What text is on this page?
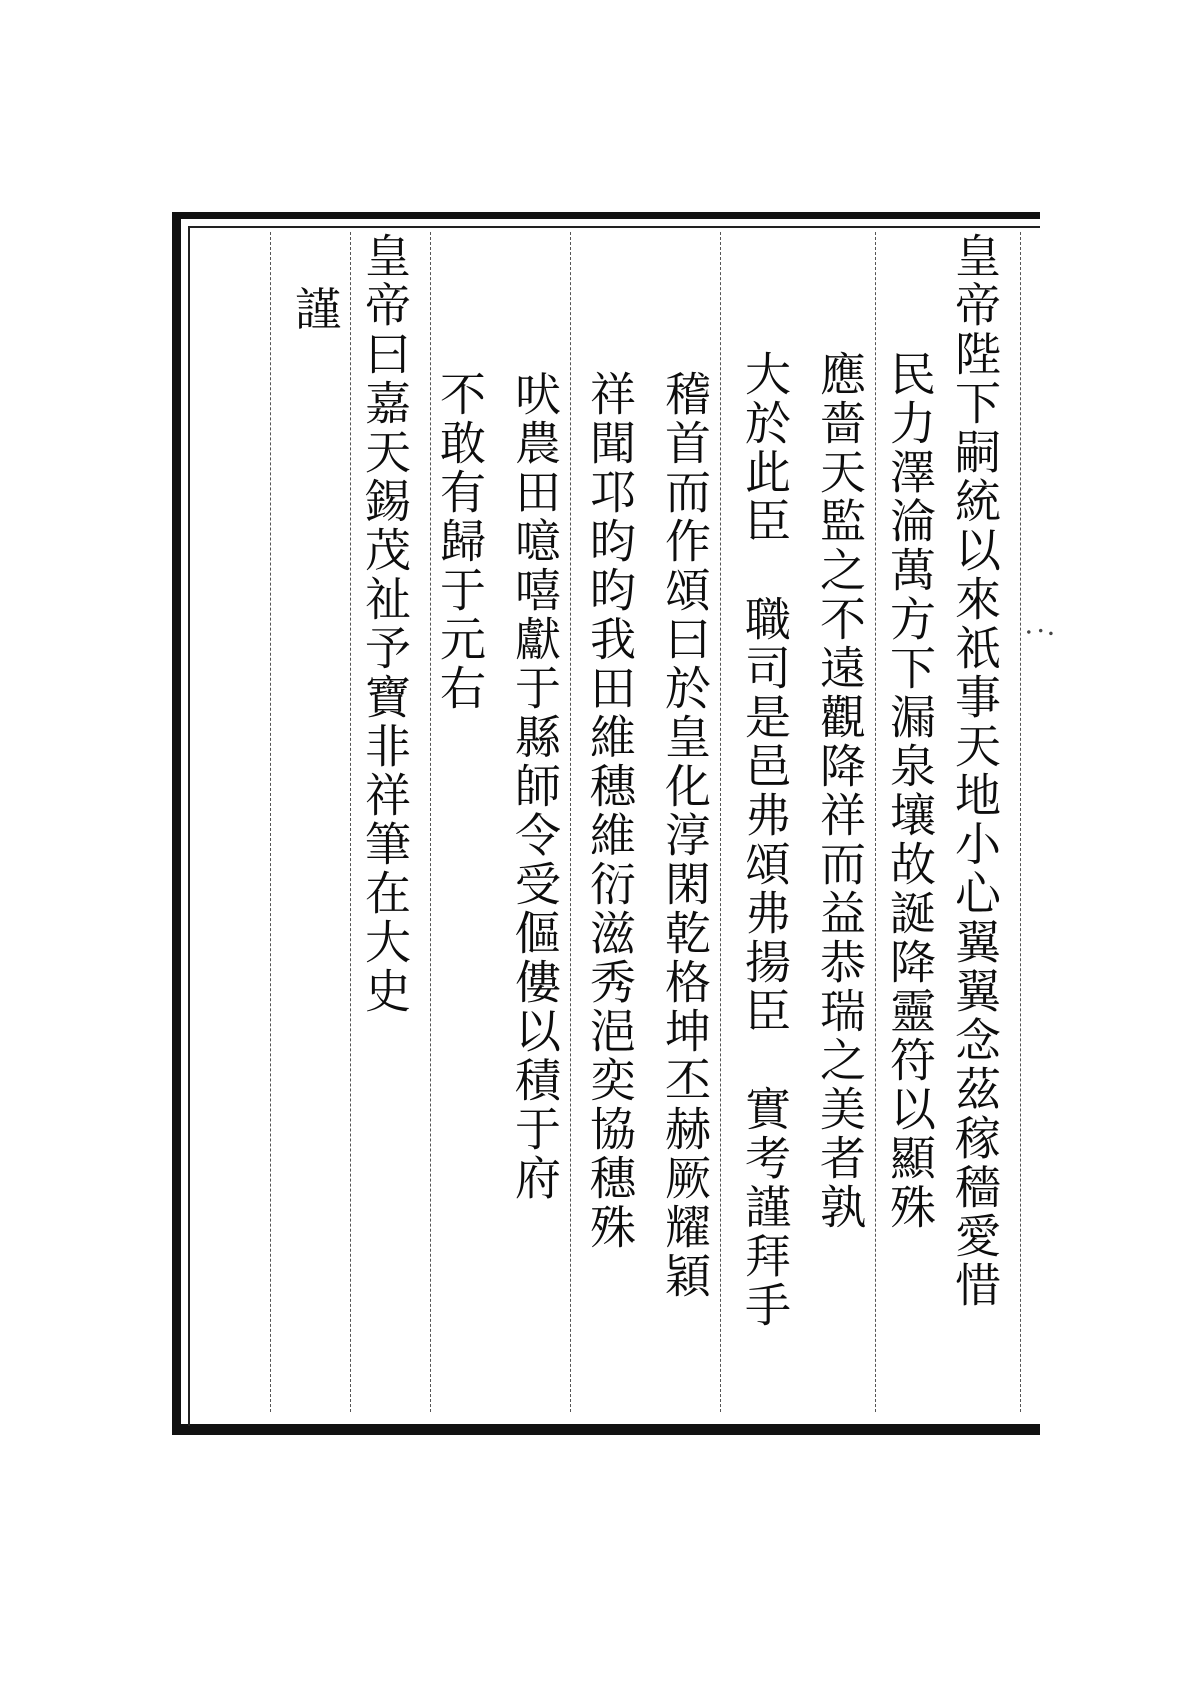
皇帝陛下嗣統以來祇事天地小心翼翼念茲稼穡愛惜
民力澤淪萬方下漏泉壤故誕降靈符以顯殊
應嗇天監之不遠觀降祥而益恭瑞之美者孰
大於此臣　職司是邑弗頌弗揚臣　實考謹拜手
稽首而作頌曰於皇化淳閑乾格坤丕赫厥耀穎
祥聞邛昀昀我田維穗維衍滋秀浥奕協穗殊
吠農田噫嘻獻于縣師令受傴僂以積于府
不敢有歸于元右
皇帝曰嘉天錫茂祉予寶非祥筆在大史
謹
